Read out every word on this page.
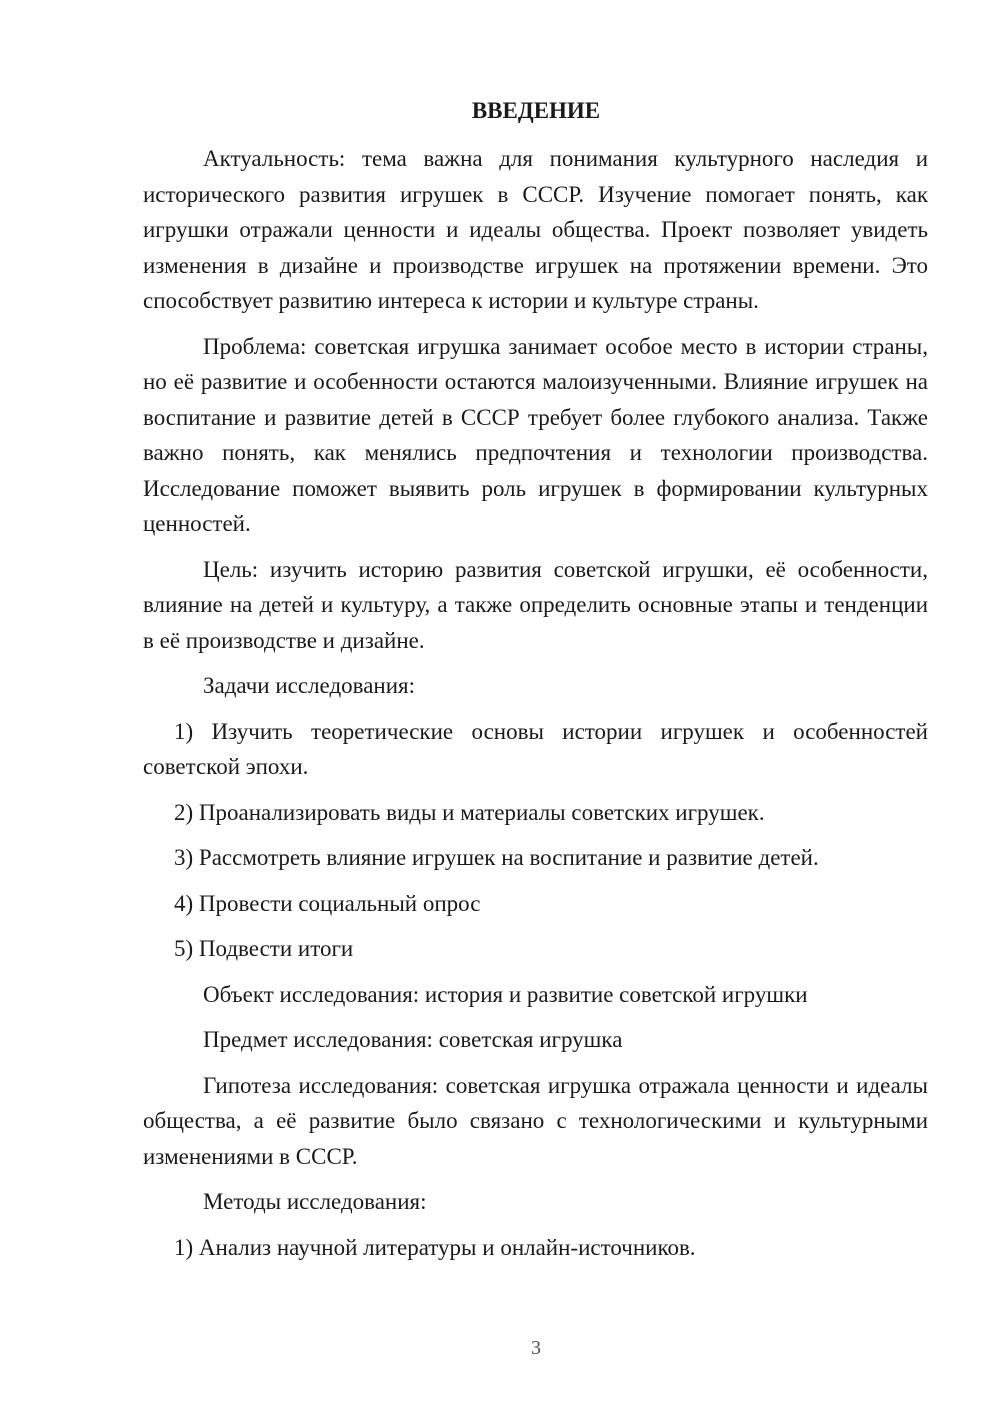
ВВЕДЕНИЕ

Актуальность: тема важна для понимания культурного наследия и исторического развития игрушек в СССР. Изучение помогает понять, как игрушки отражали ценности и идеалы общества. Проект позволяет увидеть изменения в дизайне и производстве игрушек на протяжении времени. Это способствует развитию интереса к истории и культуре страны.

Проблема: советская игрушка занимает особое место в истории страны, но её развитие и особенности остаются малоизученными. Влияние игрушек на воспитание и развитие детей в СССР требует более глубокого анализа. Также важно понять, как менялись предпочтения и технологии производства. Исследование поможет выявить роль игрушек в формировании культурных ценностей.

Цель: изучить историю развития советской игрушки, её особенности, влияние на детей и культуру, а также определить основные этапы и тенденции в её производстве и дизайне.

Задачи исследования:

1) Изучить теоретические основы истории игрушек и особенностей советской эпохи.

2) Проанализировать виды и материалы советских игрушек.

3) Рассмотреть влияние игрушек на воспитание и развитие детей.

4) Провести социальный опрос

5) Подвести итоги

Объект исследования: история и развитие советской игрушки

Предмет исследования: советская игрушка

Гипотеза исследования: советская игрушка отражала ценности и идеалы общества, а её развитие было связано с технологическими и культурными изменениями в СССР.

Методы исследования:

1) Анализ научной литературы и онлайн-источников.

3
